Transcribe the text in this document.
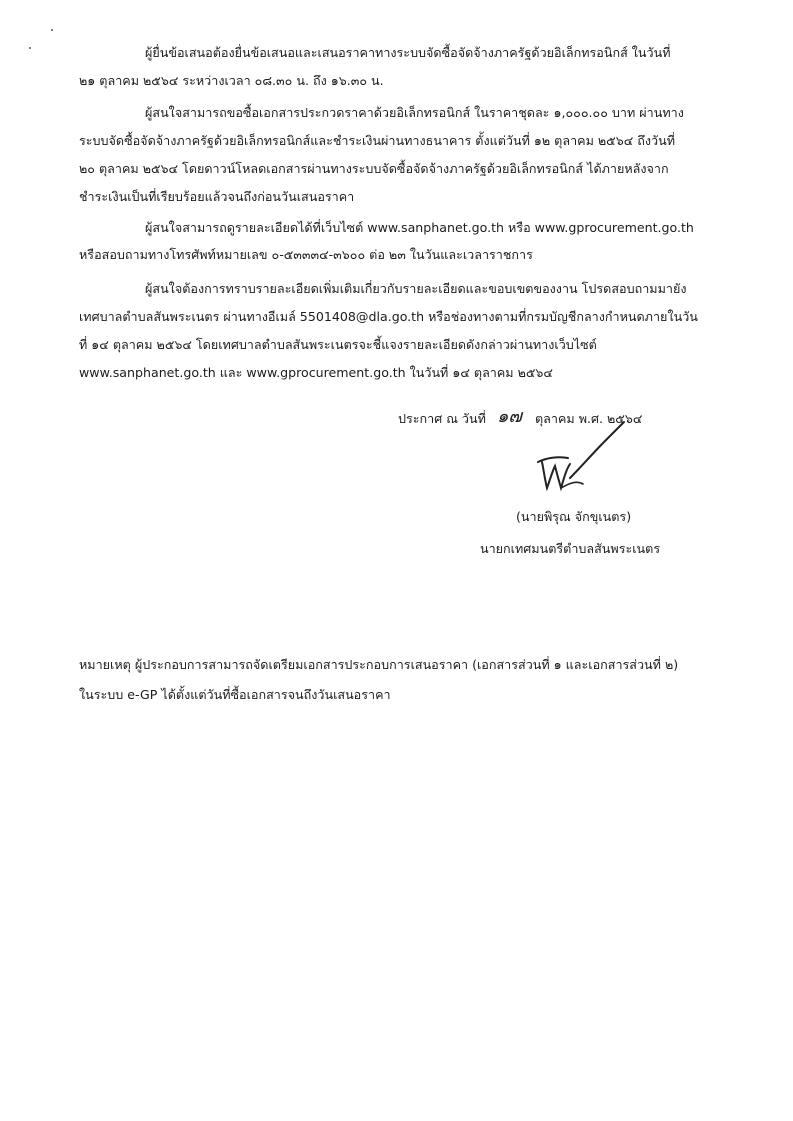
ผู้ยื่นข้อเสนอต้องยื่นข้อเสนอและเสนอราคาทางระบบจัดซื้อจัดจ้างภาครัฐด้วยอิเล็กทรอนิกส์ ในวันที่
๒๑ ตุลาคม ๒๕๖๔ ระหว่างเวลา ๐๘.๓๐ น. ถึง ๑๖.๓๐ น.
ผู้สนใจสามารถขอซื้อเอกสารประกวดราคาด้วยอิเล็กทรอนิกส์ ในราคาชุดละ ๑,๐๐๐.๐๐ บาท ผ่านทาง
ระบบจัดซื้อจัดจ้างภาครัฐด้วยอิเล็กทรอนิกส์และชำระเงินผ่านทางธนาคาร ตั้งแต่วันที่ ๑๒ ตุลาคม ๒๕๖๔ ถึงวันที่
๒๐ ตุลาคม ๒๕๖๔ โดยดาวน์โหลดเอกสารผ่านทางระบบจัดซื้อจัดจ้างภาครัฐด้วยอิเล็กทรอนิกส์ ได้ภายหลังจาก
ชำระเงินเป็นที่เรียบร้อยแล้วจนถึงก่อนวันเสนอราคา
ผู้สนใจสามารถดูรายละเอียดได้ที่เว็บไซต์ www.sanphanet.go.th หรือ www.gprocurement.go.th
หรือสอบถามทางโทรศัพท์หมายเลข ๐-๕๓๓๓๔-๓๖๐๐ ต่อ ๒๓ ในวันและเวลาราชการ
ผู้สนใจต้องการทราบรายละเอียดเพิ่มเติมเกี่ยวกับรายละเอียดและขอบเขตของงาน โปรดสอบถามมายัง
เทศบาลตำบลสันพระเนตร ผ่านทางอีเมล์ 5501408@dla.go.th หรือช่องทางตามที่กรมบัญชีกลางกำหนดภายในวัน
ที่ ๑๔ ตุลาคม ๒๕๖๔ โดยเทศบาลตำบลสันพระเนตรจะชี้แจงรายละเอียดดังกล่าวผ่านทางเว็บไซต์
www.sanphanet.go.th และ www.gprocurement.go.th ในวันที่ ๑๔ ตุลาคม ๒๕๖๔
ประกาศ ณ วันที่ ๑๗ ตุลาคม พ.ศ. ๒๕๖๔
(นายพิรุณ จักขุเนตร)
นายกเทศมนตรีตำบลสันพระเนตร
หมายเหตุ ผู้ประกอบการสามารถจัดเตรียมเอกสารประกอบการเสนอราคา (เอกสารส่วนที่ ๑ และเอกสารส่วนที่ ๒)
ในระบบ e-GP ได้ตั้งแต่วันที่ซื้อเอกสารจนถึงวันเสนอราคา
